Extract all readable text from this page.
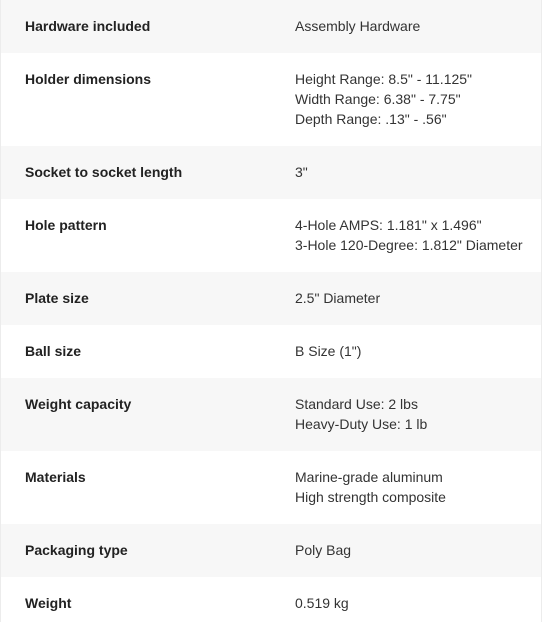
Hardware included	Assembly Hardware
Holder dimensions	Height Range: 8.5" - 11.125"
Width Range: 6.38" - 7.75"
Depth Range: .13" - .56"
Socket to socket length	3"
Hole pattern	4-Hole AMPS: 1.181" x 1.496"
3-Hole 120-Degree: 1.812" Diameter
Plate size	2.5" Diameter
Ball size	B Size (1")
Weight capacity	Standard Use: 2 lbs
Heavy-Duty Use: 1 lb
Materials	Marine-grade aluminum
High strength composite
Packaging type	Poly Bag
Weight	0.519 kg
